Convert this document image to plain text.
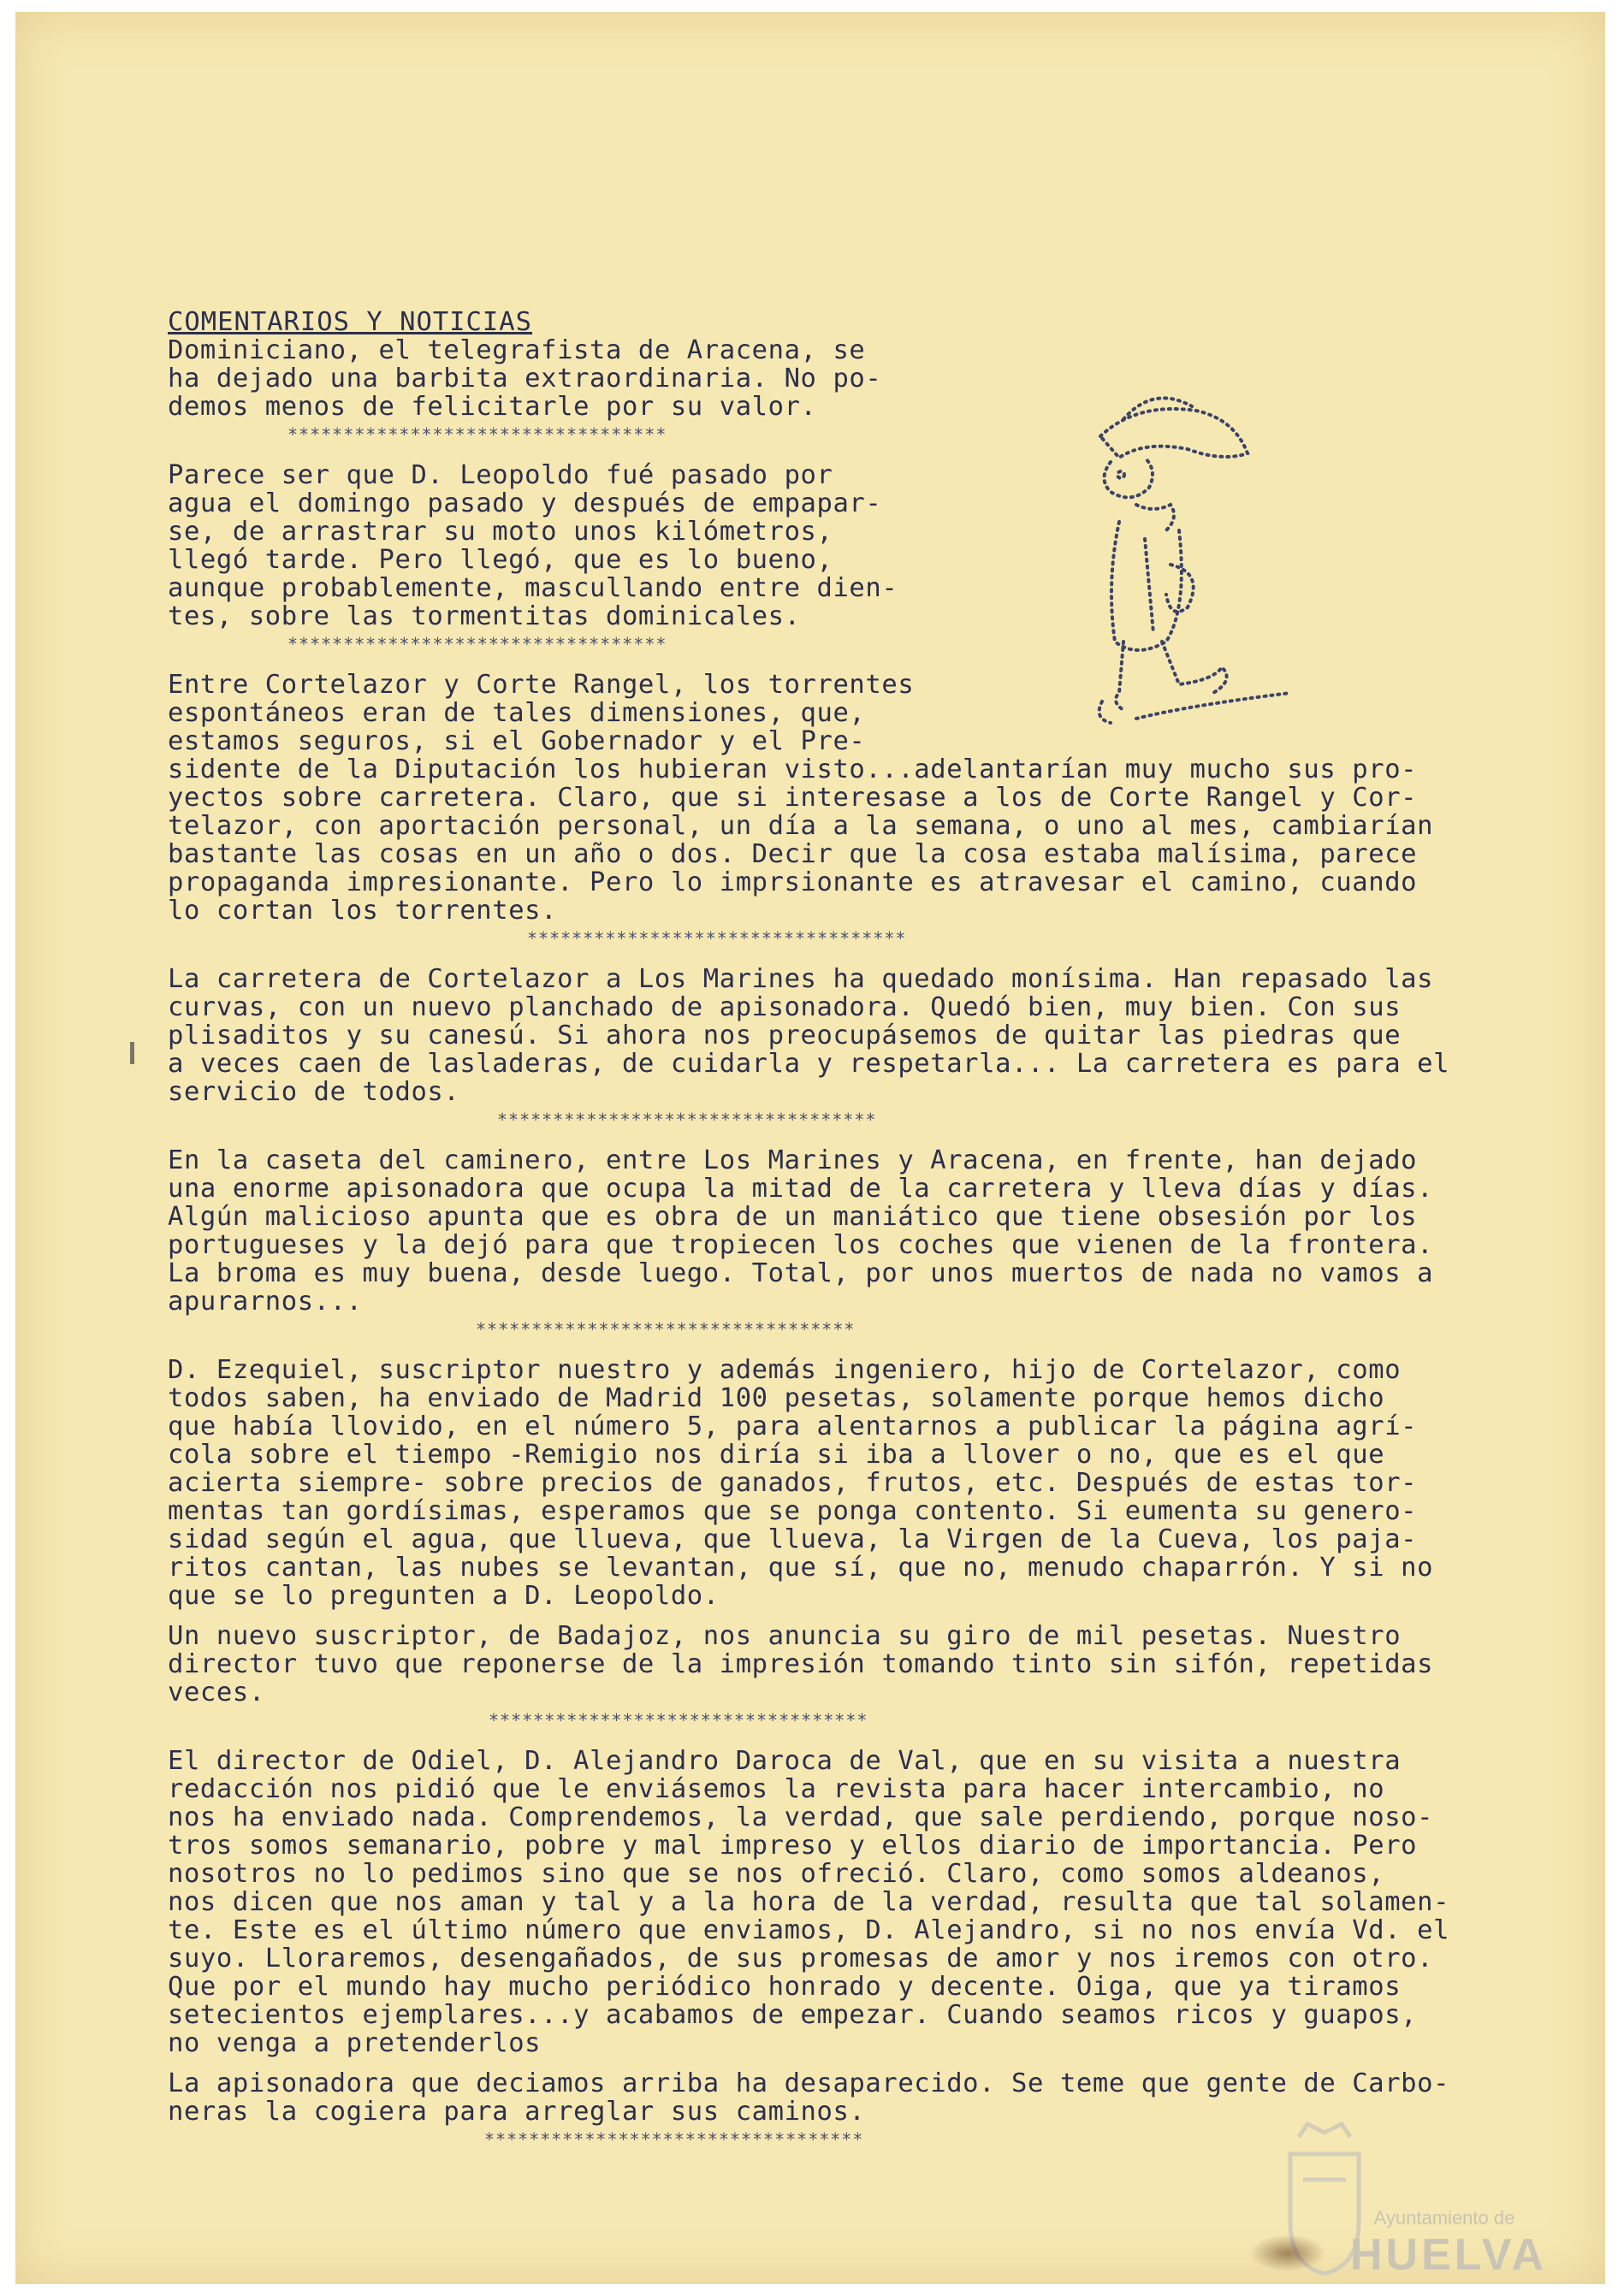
COMENTARIOS Y NOTICIAS
Dominiciano, el telegrafista de Aracena, se
ha dejado una barbita extraordinaria. No po-
demos menos de felicitarle por su valor.
**********************************
Parece ser que D. Leopoldo fué pasado por
agua el domingo pasado y después de empapar-
se, de arrastrar su moto unos kilómetros,
llegó tarde. Pero llegó, que es lo bueno,
aunque probablemente, mascullando entre dien-
tes, sobre las tormentitas dominicales.
**********************************
Entre Cortelazor y Corte Rangel, los torrentes
espontáneos eran de tales dimensiones, que,
estamos seguros, si el Gobernador y el Pre-
sidente de la Diputación los hubieran visto...adelantarían muy mucho sus pro-
yectos sobre carretera. Claro, que si interesase a los de Corte Rangel y Cor-
telazor, con aportación personal, un día a la semana, o uno al mes, cambiarían
bastante las cosas en un año o dos. Decir que la cosa estaba malísima, parece
propaganda impresionante. Pero lo imprsionante es atravesar el camino, cuando
lo cortan los torrentes.
**********************************
La carretera de Cortelazor a Los Marines ha quedado monísima. Han repasado las
curvas, con un nuevo planchado de apisonadora. Quedó bien, muy bien. Con sus
plisaditos y su canesú. Si ahora nos preocupásemos de quitar las piedras que
a veces caen de lasladeras, de cuidarla y respetarla... La carretera es para el
servicio de todos.
**********************************
En la caseta del caminero, entre Los Marines y Aracena, en frente, han dejado
una enorme apisonadora que ocupa la mitad de la carretera y lleva días y días.
Algún malicioso apunta que es obra de un maniático que tiene obsesión por los
portugueses y la dejó para que tropiecen los coches que vienen de la frontera.
La broma es muy buena, desde luego. Total, por unos muertos de nada no vamos a
apurarnos...
**********************************
D. Ezequiel, suscriptor nuestro y además ingeniero, hijo de Cortelazor, como
todos saben, ha enviado de Madrid 100 pesetas, solamente porque hemos dicho
que había llovido, en el número 5, para alentarnos a publicar la página agrí-
cola sobre el tiempo -Remigio nos diría si iba a llover o no, que es el que
acierta siempre- sobre precios de ganados, frutos, etc. Después de estas tor-
mentas tan gordísimas, esperamos que se ponga contento. Si eumenta su genero-
sidad según el agua, que llueva, que llueva, la Virgen de la Cueva, los paja-
ritos cantan, las nubes se levantan, que sí, que no, menudo chaparrón. Y si no
que se lo pregunten a D. Leopoldo.
Un nuevo suscriptor, de Badajoz, nos anuncia su giro de mil pesetas. Nuestro
director tuvo que reponerse de la impresión tomando tinto sin sifón, repetidas
veces.
**********************************
El director de Odiel, D. Alejandro Daroca de Val, que en su visita a nuestra
redacción nos pidió que le enviásemos la revista para hacer intercambio, no
nos ha enviado nada. Comprendemos, la verdad, que sale perdiendo, porque noso-
tros somos semanario, pobre y mal impreso y ellos diario de importancia. Pero
nosotros no lo pedimos sino que se nos ofreció. Claro, como somos aldeanos,
nos dicen que nos aman y tal y a la hora de la verdad, resulta que tal solamen-
te. Este es el último número que enviamos, D. Alejandro, si no nos envía Vd. el
suyo. Lloraremos, desengañados, de sus promesas de amor y nos iremos con otro.
Que por el mundo hay mucho periódico honrado y decente. Oiga, que ya tiramos
setecientos ejemplares...y acabamos de empezar. Cuando seamos ricos y guapos,
no venga a pretenderlos
La apisonadora que deciamos arriba ha desaparecido. Se teme que gente de Carbo-
neras la cogiera para arreglar sus caminos.
**********************************
Ayuntamiento de
HUELVA
